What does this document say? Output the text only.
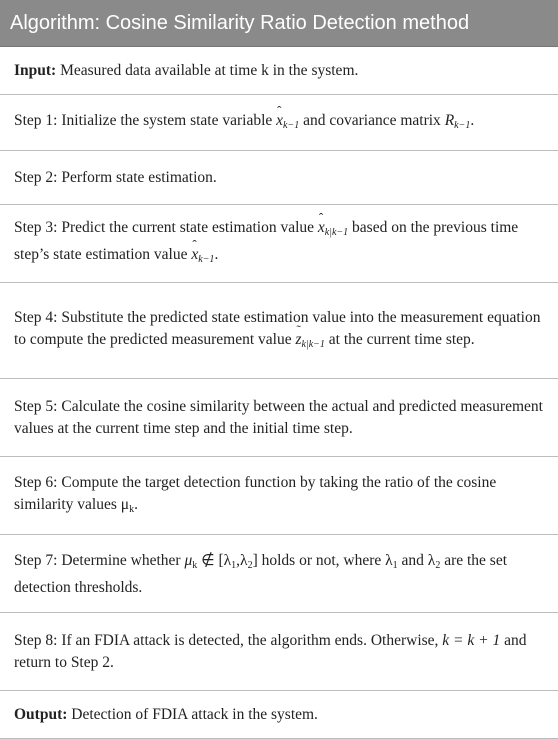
Algorithm: Cosine Similarity Ratio Detection method
Input: Measured data available at time k in the system.
Step 1: Initialize the system state variable ˆ $x_{k-1}$ and covariance matrix $R_{k-1}$.
Step 2: Perform state estimation.
Step 3: Predict the current state estimation value ˆ $x_{k|k-1}$ based on the previous time step’s state estimation value ˆ $x_{k-1}$.
Step 4: Substitute the predicted state estimation value into the measurement equation to compute the predicted measurement value ˜ $z_{k|k-1}$ at the current time step.
Step 5: Calculate the cosine similarity between the actual and predicted measurement values at the current time step and the initial time step.
Step 6: Compute the target detection function by taking the ratio of the cosine similarity values μk.
Step 7: Determine whether μk ∉ [λ1,λ2] holds or not, where λ1 and λ2 are the set detection thresholds.
Step 8: If an FDIA attack is detected, the algorithm ends. Otherwise, k = k + 1 and return to Step 2.
Output: Detection of FDIA attack in the system.
